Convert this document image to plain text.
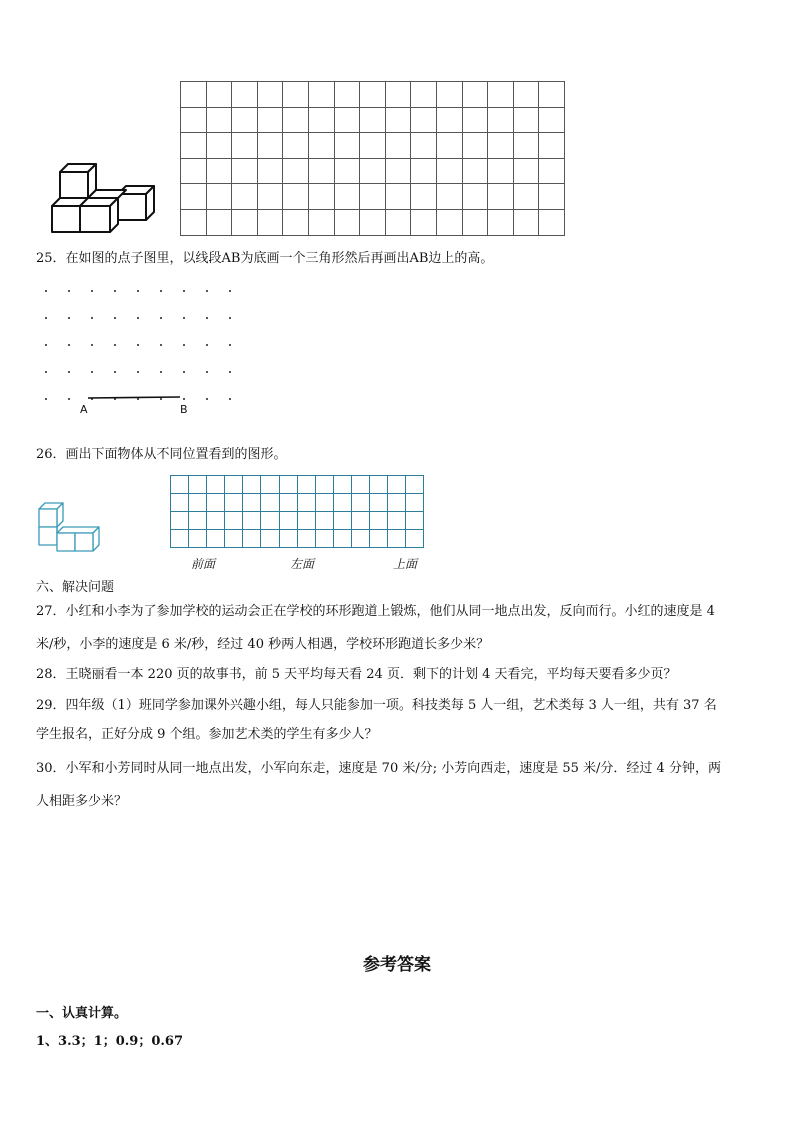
25．在如图的点子图里，以线段AB为底画一个三角形然后再画出AB边上的高。
A	B
26．画出下面物体从不同位置看到的图形。

前面	左面	上面
六、解决问题
27．小红和小李为了参加学校的运动会正在学校的环形跑道上锻炼，他们从同一地点出发，反向而行。小红的速度是 4
米/秒，小李的速度是 6 米/秒，经过 40 秒两人相遇，学校环形跑道长多少米？
28．王晓丽看一本 220 页的故事书，前 5 天平均每天看 24 页．剩下的计划 4 天看完，平均每天要看多少页？
29．四年级（1）班同学参加课外兴趣小组，每人只能参加一项。科技类每 5 人一组，艺术类每 3 人一组，共有 37 名
学生报名，正好分成 9 个组。参加艺术类的学生有多少人？
30．小军和小芳同时从同一地点出发，小军向东走，速度是 70 米/分; 小芳向西走，速度是 55 米/分．经过 4 分钟，两
人相距多少米？
参考答案
一、认真计算。
1、3.3；1；0.9；0.67
